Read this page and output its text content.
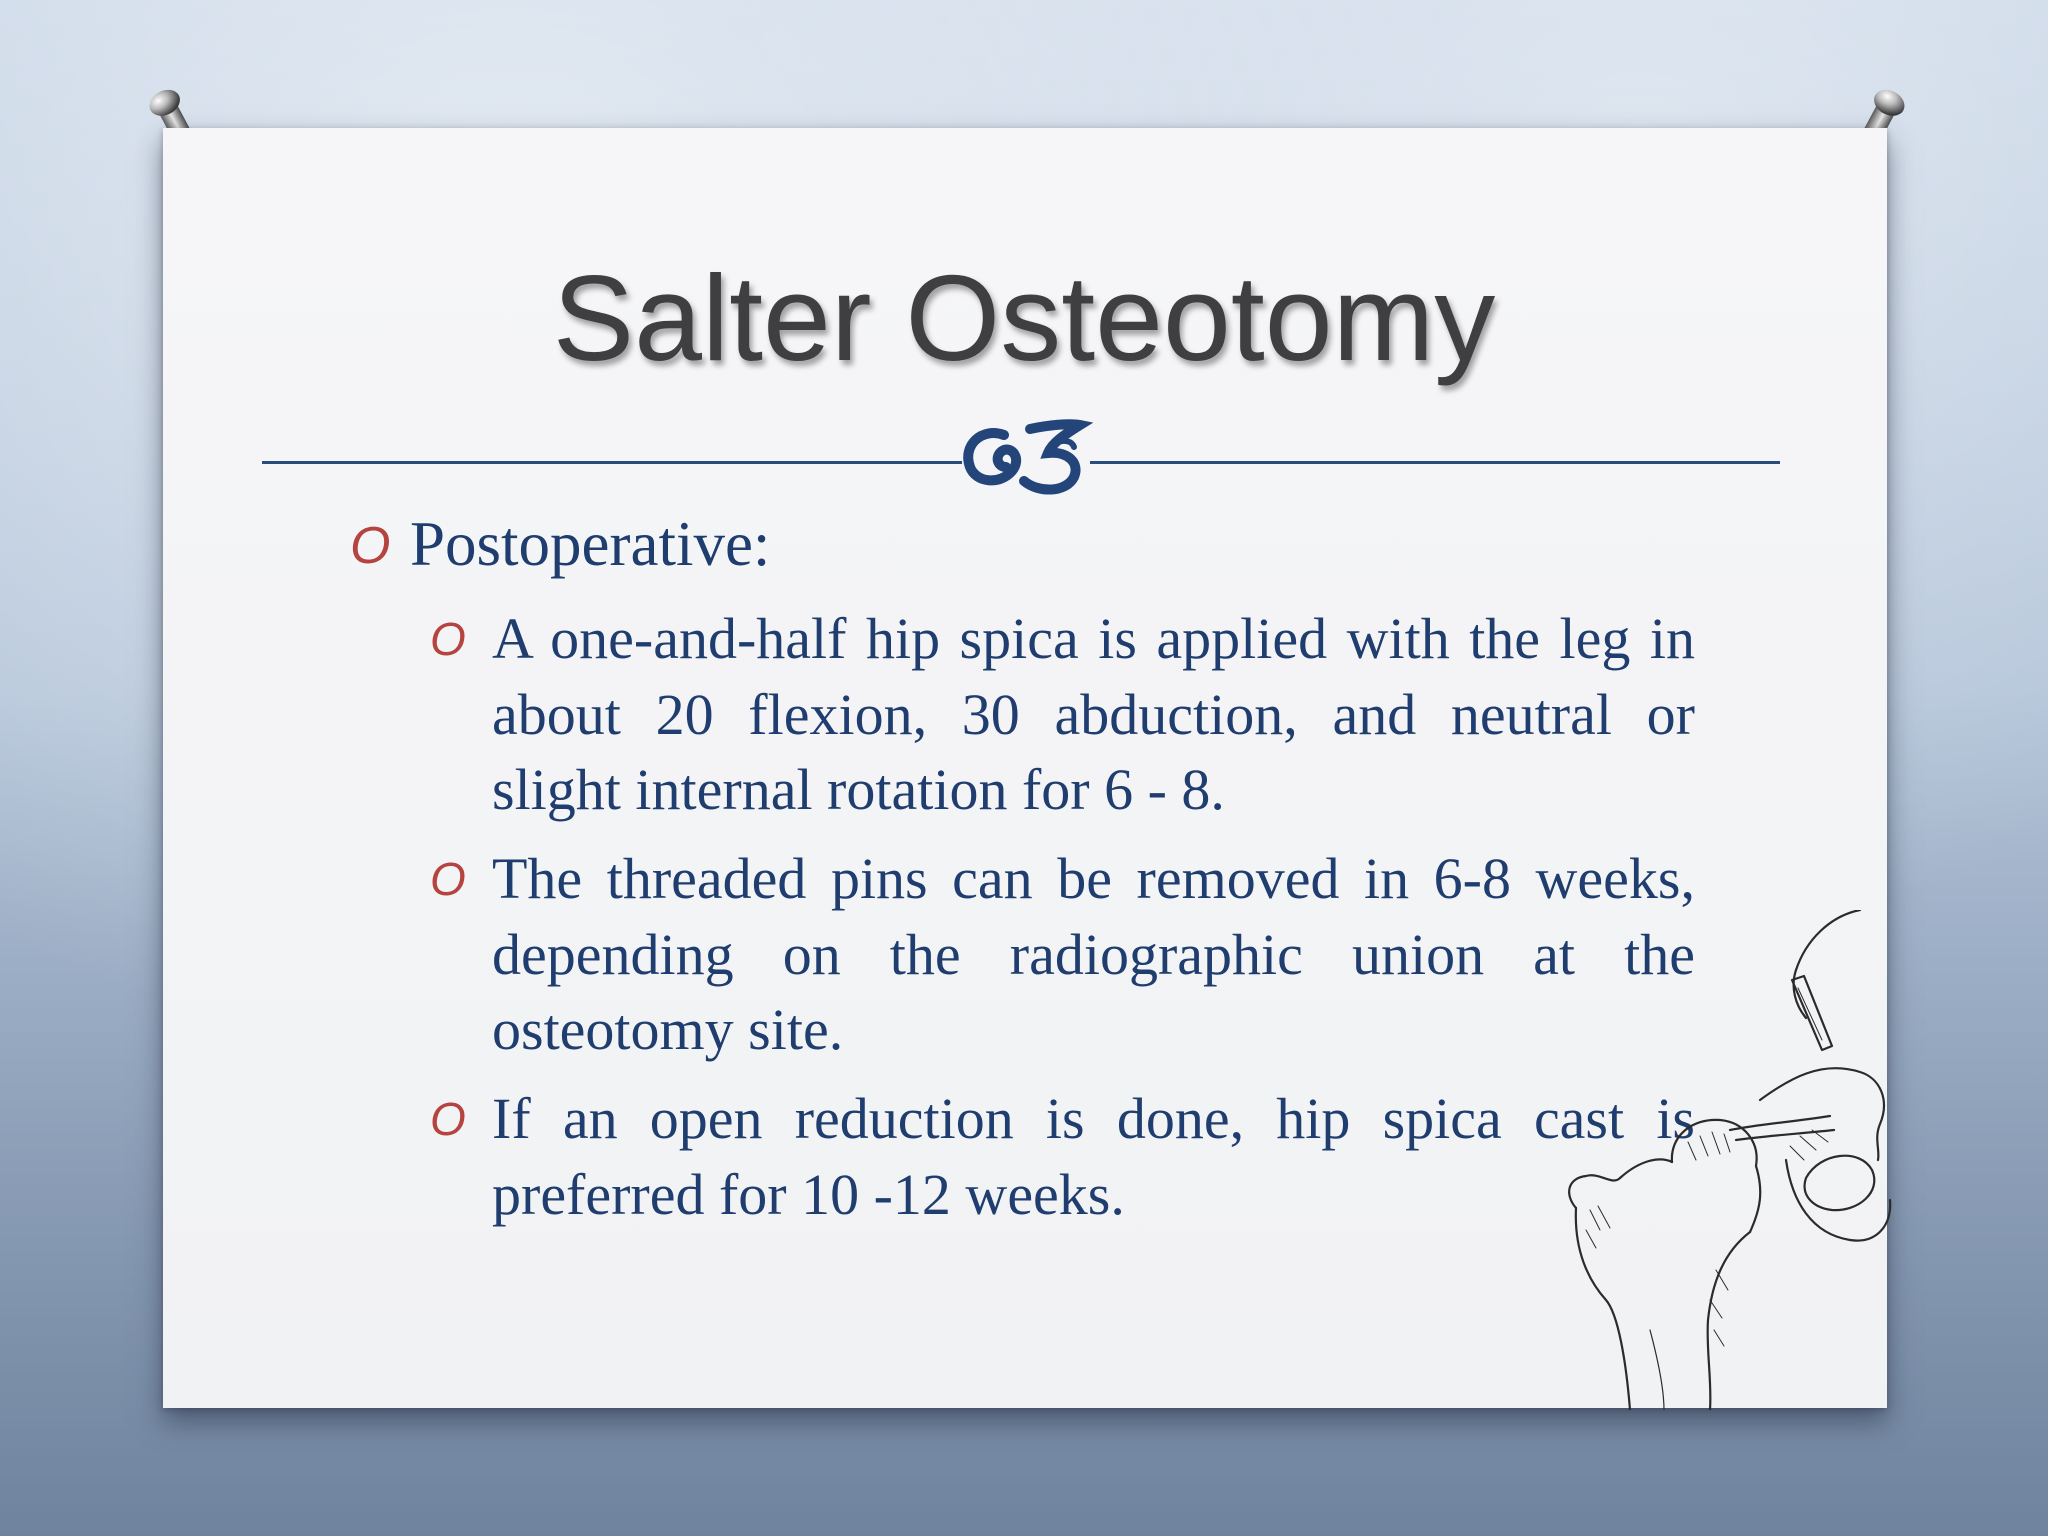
Salter Osteotomy
O Postoperative:
O A one-and-half hip spica is applied with the leg in about 20 flexion, 30 abduction, and neutral or slight internal rotation for 6 - 8.
O The threaded pins can be removed in 6-8 weeks, depending on the radiographic union at the osteotomy site.
O If an open reduction is done, hip spica cast is preferred for 10 -12 weeks.
